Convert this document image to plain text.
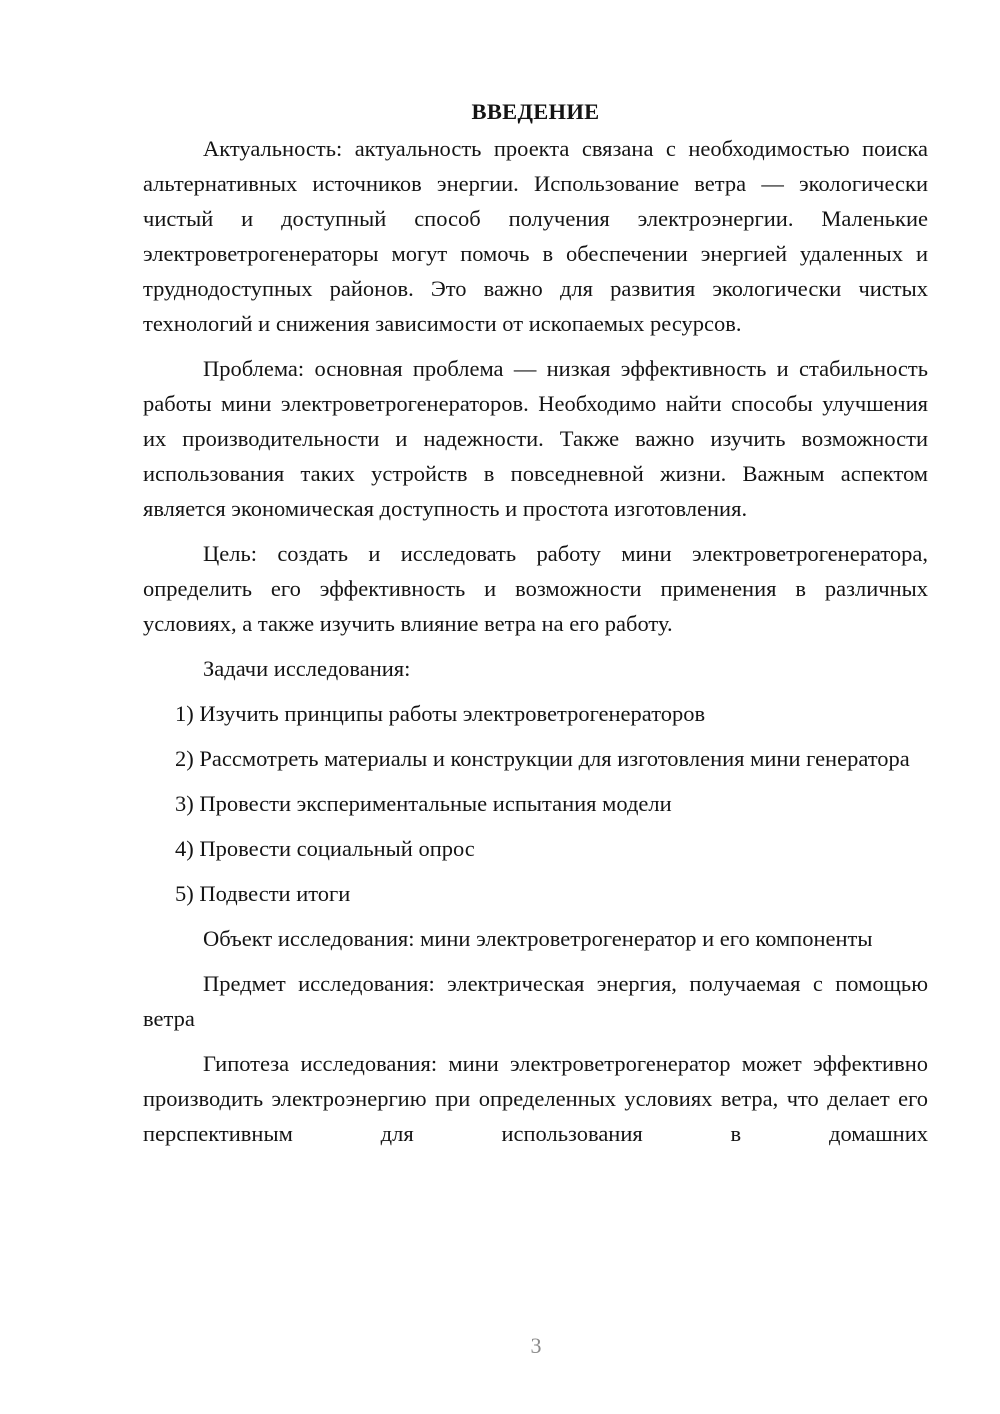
ВВЕДЕНИЕ

Актуальность: актуальность проекта связана с необходимостью поиска альтернативных источников энергии. Использование ветра — экологически чистый и доступный способ получения электроэнергии. Маленькие электроветрогенераторы могут помочь в обеспечении энергией удаленных и труднодоступных районов. Это важно для развития экологически чистых технологий и снижения зависимости от ископаемых ресурсов.

Проблема: основная проблема — низкая эффективность и стабильность работы мини электроветрогенераторов. Необходимо найти способы улучшения их производительности и надежности. Также важно изучить возможности использования таких устройств в повседневной жизни. Важным аспектом является экономическая доступность и простота изготовления.

Цель: создать и исследовать работу мини электроветрогенератора, определить его эффективность и возможности применения в различных условиях, а также изучить влияние ветра на его работу.

Задачи исследования:

1) Изучить принципы работы электроветрогенераторов

2) Рассмотреть материалы и конструкции для изготовления мини генератора

3) Провести экспериментальные испытания модели

4) Провести социальный опрос

5) Подвести итоги

Объект исследования: мини электроветрогенератор и его компоненты

Предмет исследования: электрическая энергия, получаемая с помощью ветра

Гипотеза исследования: мини электроветрогенератор может эффективно производить электроэнергию при определенных условиях ветра, что делает его перспективным для использования в домашних

3
